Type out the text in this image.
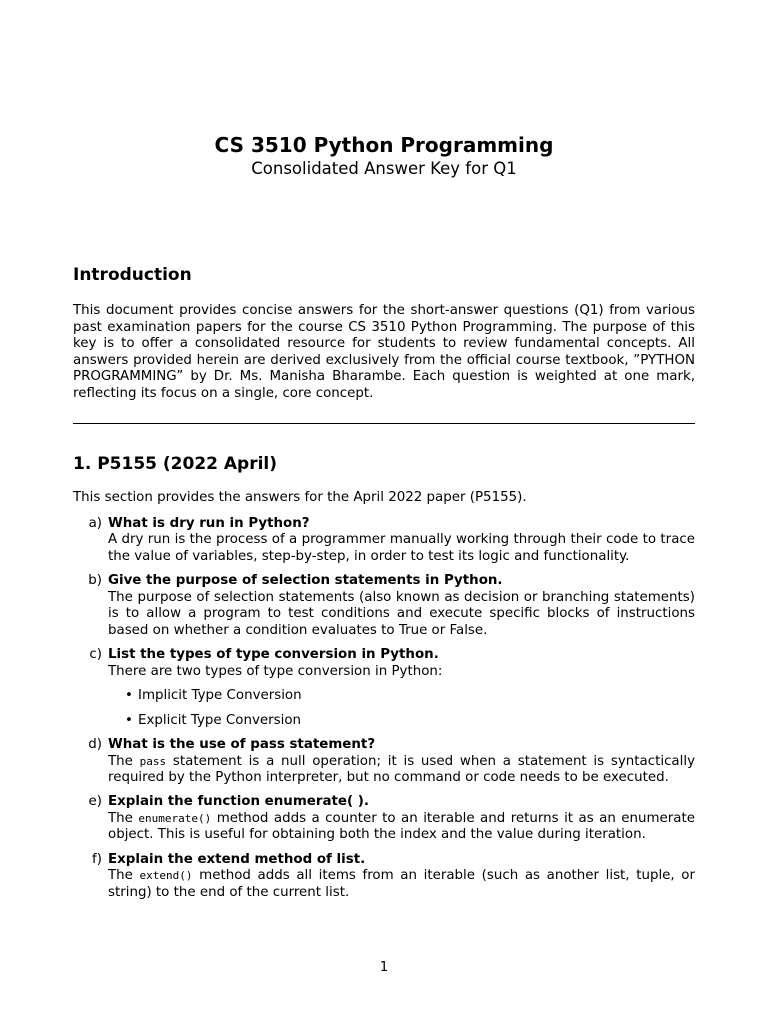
CS 3510 Python Programming

Consolidated Answer Key for Q1

Introduction

This document provides concise answers for the short-answer questions (Q1) from various past examination papers for the course CS 3510 Python Programming. The purpose of this key is to offer a consolidated resource for students to review fundamental concepts. All answers provided herein are derived exclusively from the official course textbook, ”PYTHON PROGRAMMING” by Dr. Ms. Manisha Bharambe. Each question is weighted at one mark, reflecting its focus on a single, core concept.

1. P5155 (2022 April)

This section provides the answers for the April 2022 paper (P5155).

a) What is dry run in Python?
A dry run is the process of a programmer manually working through their code to trace the value of variables, step-by-step, in order to test its logic and functionality.
b) Give the purpose of selection statements in Python.
The purpose of selection statements (also known as decision or branching statements) is to allow a program to test conditions and execute specific blocks of instructions based on whether a condition evaluates to True or False.
c) List the types of type conversion in Python.
There are two types of type conversion in Python:
• Implicit Type Conversion
• Explicit Type Conversion
d) What is the use of pass statement?
The pass statement is a null operation; it is used when a statement is syntactically required by the Python interpreter, but no command or code needs to be executed.
e) Explain the function enumerate( ).
The enumerate() method adds a counter to an iterable and returns it as an enumerate object. This is useful for obtaining both the index and the value during iteration.
f) Explain the extend method of list.
The extend() method adds all items from an iterable (such as another list, tuple, or string) to the end of the current list.
1
